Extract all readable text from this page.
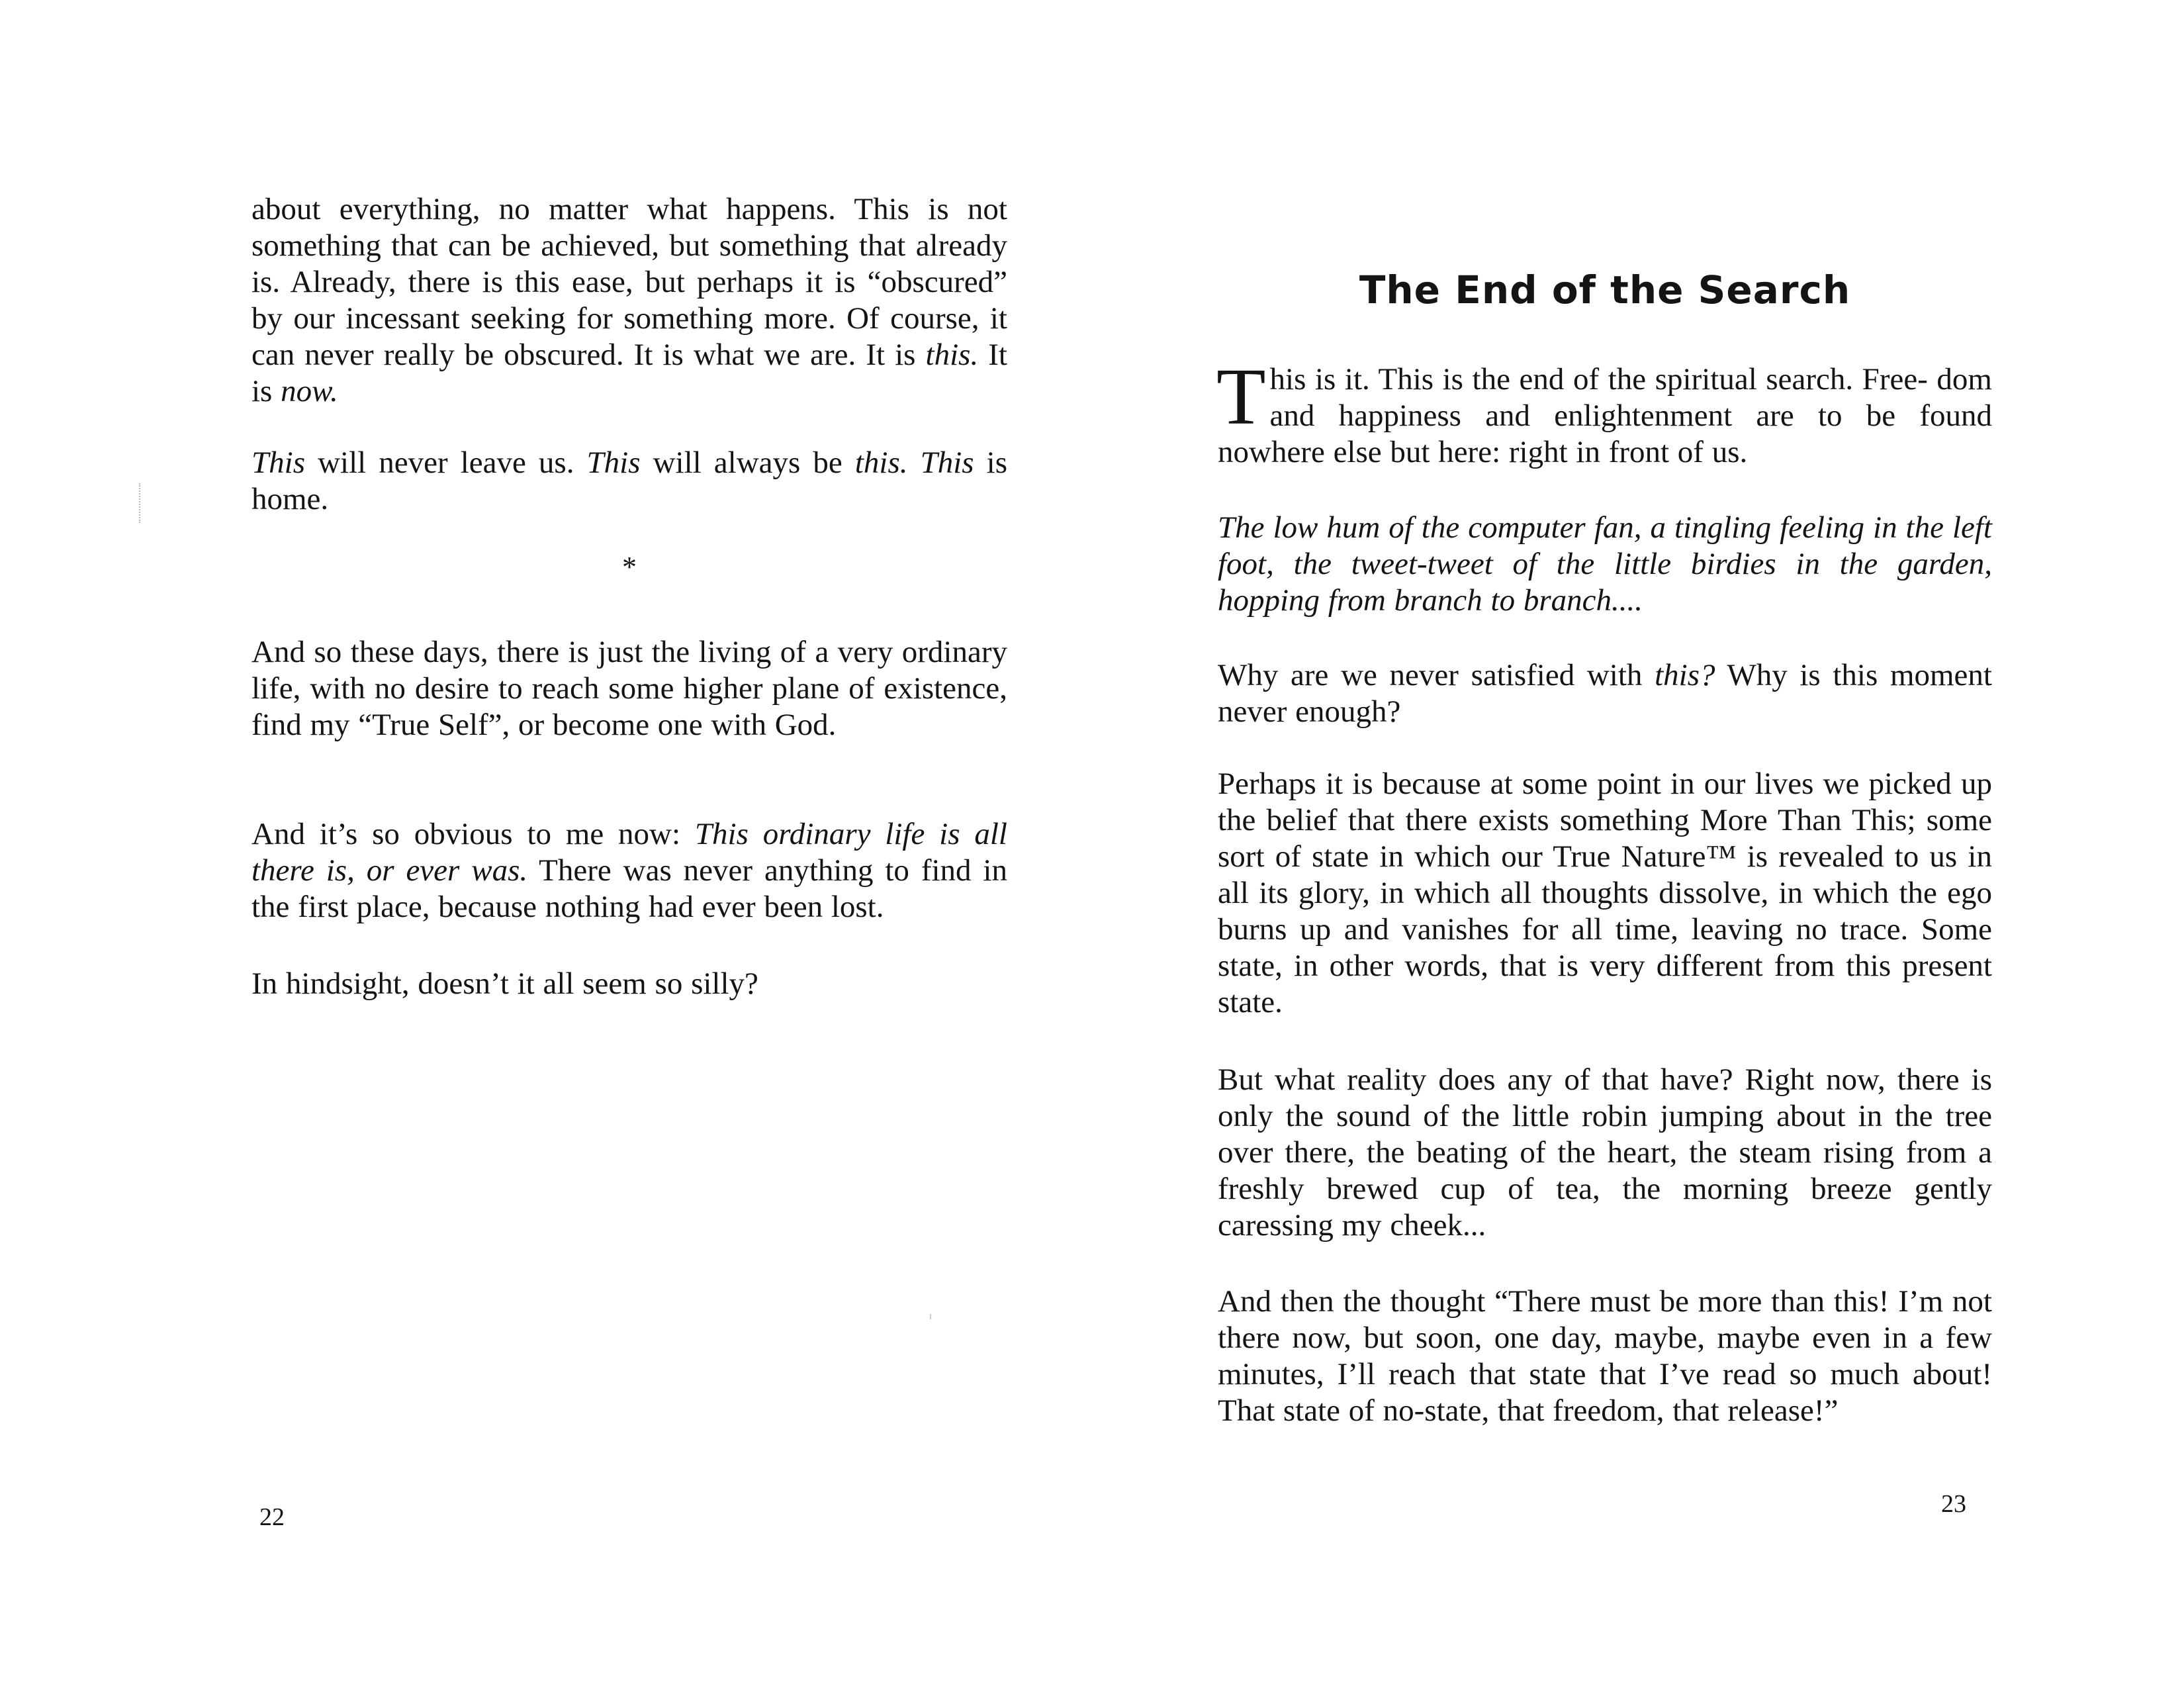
about everything, no matter what happens. This is not something that can be achieved, but something that already is. Already, there is this ease, but perhaps it is “obscured” by our incessant seeking for something more. Of course, it can never really be obscured. It is what we are. It is this. It is now.

This will never leave us. This will always be this. This is home.

*

And so these days, there is just the living of a very ordinary life, with no desire to reach some higher plane of existence, find my “True Self”, or become one with God.

And it’s so obvious to me now: This ordinary life is all there is, or ever was. There was never anything to find in the first place, because nothing had ever been lost.

In hindsight, doesn’t it all seem so silly?

22
The End of the Search

This is it. This is the end of the spiritual search. Free- dom and happiness and enlightenment are to be found nowhere else but here: right in front of us.

The low hum of the computer fan, a tingling feeling in the left foot, the tweet-tweet of the little birdies in the garden, hopping from branch to branch....

Why are we never satisfied with this? Why is this moment never enough?

Perhaps it is because at some point in our lives we picked up the belief that there exists something More Than This; some sort of state in which our True Nature™ is revealed to us in all its glory, in which all thoughts dissolve, in which the ego burns up and vanishes for all time, leaving no trace. Some state, in other words, that is very different from this present state.

But what reality does any of that have? Right now, there is only the sound of the little robin jumping about in the tree over there, the beating of the heart, the steam rising from a freshly brewed cup of tea, the morning breeze gently caressing my cheek...

And then the thought “There must be more than this! I’m not there now, but soon, one day, maybe, maybe even in a few minutes, I’ll reach that state that I’ve read so much about! That state of no-state, that freedom, that release!”

23
